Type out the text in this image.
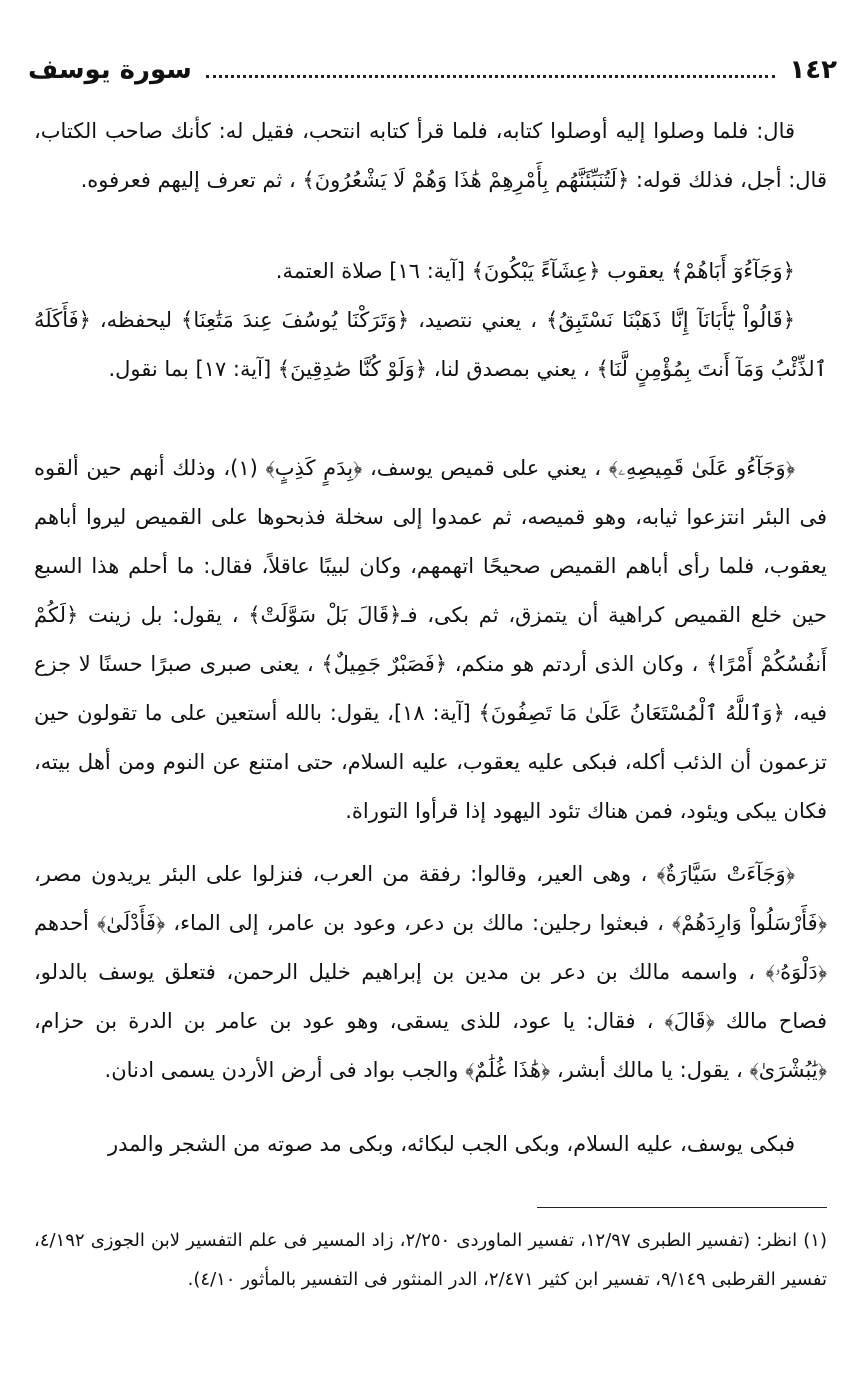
١٤٢
سورة يوسف

قال: فلما وصلوا إليه أوصلوا كتابه، فلما قرأ كتابه انتحب، فقيل له: كأنك صاحب الكتاب، قال: أجل، فذلك قوله: ﴿لَتُنَبِّئَنَّهُم بِأَمْرِهِمْ هَٰذَا وَهُمْ لَا يَشْعُرُونَ﴾ ، ثم تعرف إليهم فعرفوه.

﴿وَجَآءُوٓ أَبَاهُمْ﴾ يعقوب ﴿عِشَآءً يَبْكُونَ﴾ [آية: ١٦] صلاة العتمة.

﴿قَالُواْ يَٰٓأَبَانَآ إِنَّا ذَهَبْنَا نَسْتَبِقُ﴾ ، يعني نتصيد، ﴿وَتَرَكْنَا يُوسُفَ عِندَ مَتَٰعِنَا﴾ ليحفظه، ﴿فَأَكَلَهُ ٱلذِّئْبُ وَمَآ أَنتَ بِمُؤْمِنٍ لَّنَا﴾ ، يعني بمصدق لنا، ﴿وَلَوْ كُنَّا صَٰدِقِينَ﴾ [آية: ١٧] بما نقول.

﴿وَجَآءُو عَلَىٰ قَمِيصِهِۦ﴾ ، يعني على قميص يوسف، ﴿بِدَمٍ كَذِبٍ﴾ (١)، وذلك أنهم حين ألقوه فى البئر انتزعوا ثيابه، وهو قميصه، ثم عمدوا إلى سخلة فذبحوها على القميص ليروا أباهم يعقوب، فلما رأى أباهم القميص صحيحًا اتهمهم، وكان لبيبًا عاقلاً، فقال: ما أحلم هذا السبع حين خلع القميص كراهية أن يتمزق، ثم بكى، فـ﴿قَالَ بَلْ سَوَّلَتْ﴾ ، يقول: بل زينت ﴿لَكُمْ أَنفُسُكُمْ أَمْرًا﴾ ، وكان الذى أردتم هو منكم، ﴿فَصَبْرٌ جَمِيلٌ﴾ ، يعنى صبرى صبرًا حسنًا لا جزع فيه، ﴿وَٱللَّهُ ٱلْمُسْتَعَانُ عَلَىٰ مَا تَصِفُونَ﴾ [آية: ١٨]، يقول: بالله أستعين على ما تقولون حين تزعمون أن الذئب أكله، فبكى عليه يعقوب، عليه السلام، حتى امتنع عن النوم ومن أهل بيته، فكان يبكى ويئود، فمن هناك تئود اليهود إذا قرأوا التوراة.

﴿وَجَآءَتْ سَيَّارَةٌ﴾ ، وهى العير، وقالوا: رفقة من العرب، فنزلوا على البئر يريدون مصر، ﴿فَأَرْسَلُواْ وَارِدَهُمْ﴾ ، فبعثوا رجلين: مالك بن دعر، وعود بن عامر، إلى الماء، ﴿فَأَدْلَىٰ﴾ أحدهم ﴿دَلْوَهُۥ﴾ ، واسمه مالك بن دعر بن مدين بن إبراهيم خليل الرحمن، فتعلق يوسف بالدلو، فصاح مالك ﴿قَالَ﴾ ، فقال: يا عود، للذى يسقى، وهو عود بن عامر بن الدرة بن حزام، ﴿يَٰبُشْرَىٰ﴾ ، يقول: يا مالك أبشر، ﴿هَٰذَا غُلَٰمٌ﴾ والجب بواد فى أرض الأردن يسمى ادنان.

فبكى يوسف، عليه السلام، وبكى الجب لبكائه، وبكى مد صوته من الشجر والمدر

(١) انظر: (تفسير الطبرى ١٢/٩٧، تفسير الماوردى ٢/٢٥٠، زاد المسير فى علم التفسير لابن الجوزى ٤/١٩٢، تفسير القرطبى ٩/١٤٩، تفسير ابن كثير ٢/٤٧١، الدر المنثور فى التفسير بالمأثور ٤/١٠).
